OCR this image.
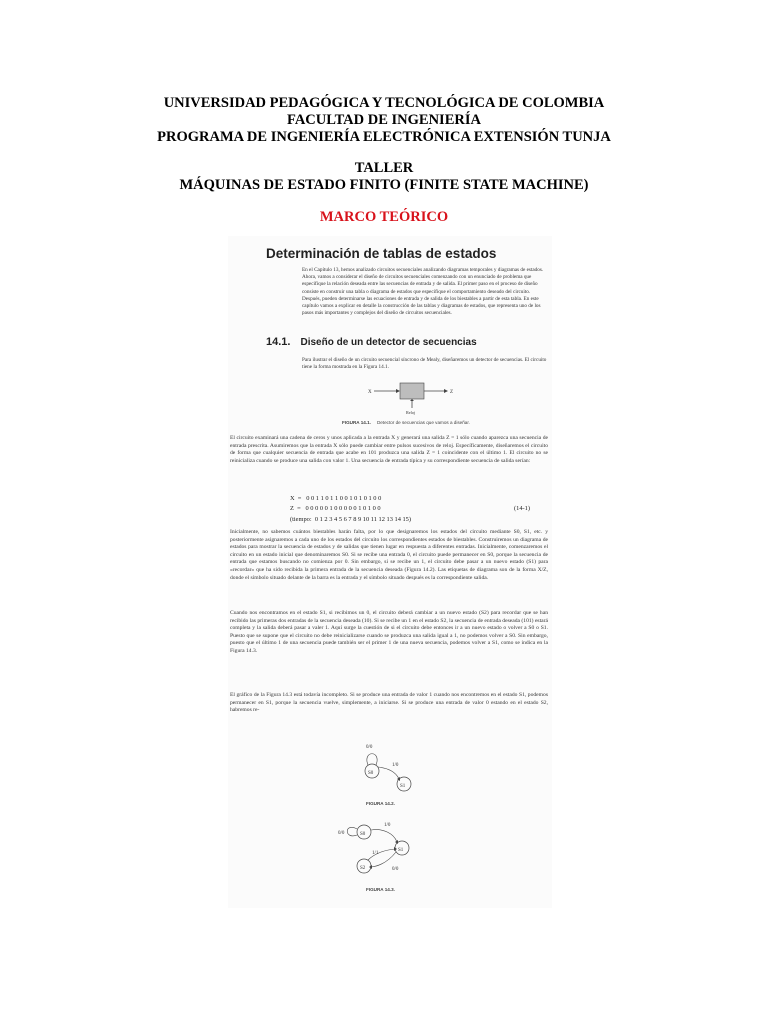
UNIVERSIDAD PEDAGÓGICA Y TECNOLÓGICA DE COLOMBIA
FACULTAD DE INGENIERÍA
PROGRAMA DE INGENIERÍA ELECTRÓNICA EXTENSIÓN TUNJA
TALLER
MÁQUINAS DE ESTADO FINITO (FINITE STATE MACHINE)
MARCO TEÓRICO
Determinación de tablas de estados

En el Capítulo 13, hemos analizado circuitos secuenciales analizando diagramas temporales y diagramas de estados. Ahora, vamos a considerar el diseño de circuitos secuenciales comenzando con un enunciado de problema que especifique la relación deseada entre las secuencias de entrada y de salida. El primer paso en el proceso de diseño consiste en construir una tabla o diagrama de estados que especifique el comportamiento deseado del circuito. Después, pueden determinarse las ecuaciones de entrada y de salida de los biestables a partir de esta tabla. En este capítulo vamos a explicar en detalle la construcción de las tablas y diagramas de estados, que representa uno de los pasos más importantes y complejos del diseño de circuitos secuenciales.

14.1. Diseño de un detector de secuencias

Para ilustrar el diseño de un circuito secuencial síncrono de Mealy, diseñaremos un detector de secuencias. El circuito tiene la forma mostrada en la Figura 14.1.

X	Z
Reloj
FIGURA 14.1. Detector de secuencias que vamos a diseñar.

El circuito examinará una cadena de ceros y unos aplicada a la entrada X y generará una salida Z = 1 sólo cuando aparezca una secuencia de entrada prescrita. Asumiremos que la entrada X sólo puede cambiar entre pulsos sucesivos de reloj. Específicamente, diseñaremos el circuito de forma que cualquier secuencia de entrada que acabe en 101 produzca una salida Z = 1 coincidente con el último 1. El circuito no se reinicializa cuando se produce una salida con valor 1. Una secuencia de entrada típica y su correspondiente secuencia de salida serían:

X  =   0 0 1 1 0 1 1 0 0 1 0 1 0 1 0 0
Z  =   0 0 0 0 0 1 0 0 0 0 0 1 0 1 0 0	(14-1)
(tiempo:  0 1 2 3 4 5 6 7 8 9 10 11 12 13 14 15)

Inicialmente, no sabemos cuántos biestables harán falta, por lo que designaremos los estados del circuito mediante S0, S1, etc. y posteriormente asignaremos a cada uno de los estados del circuito los correspondientes estados de biestables. Construiremos un diagrama de estados para mostrar la secuencia de estados y de salidas que tienen lugar en respuesta a diferentes entradas. Inicialmente, comenzaremos el circuito en un estado inicial que denominaremos S0. Si se recibe una entrada 0, el circuito puede permanecer en S0, porque la secuencia de entrada que estamos buscando no comienza por 0. Sin embargo, si se recibe un 1, el circuito debe pasar a un nuevo estado (S1) para «recordar» que ha sido recibida la primera entrada de la secuencia deseada (Figura 14.2). Las etiquetas de diagrama son de la forma X/Z, donde el símbolo situado delante de la barra es la entrada y el símbolo situado después es la correspondiente salida.

Cuando nos encontramos en el estado S1, si recibimos un 0, el circuito deberá cambiar a un nuevo estado (S2) para recordar que se han recibido las primeras dos entradas de la secuencia deseada (10). Si se recibe un 1 en el estado S2, la secuencia de entrada deseada (101) estará completa y la salida deberá pasar a valer 1. Aquí surge la cuestión de si el circuito debe entonces ir a un nuevo estado o volver a S0 o S1. Puesto que se supone que el circuito no debe reinicializarse cuando se produzca una salida igual a 1, no podemos volver a S0. Sin embargo, puesto que el último 1 de una secuencia puede también ser el primer 1 de una nueva secuencia, podemos volver a S1, como se indica en la Figura 14.3.

El gráfico de la Figura 14.3 está todavía incompleto. Si se produce una entrada de valor 1 cuando nos encontremos en el estado S1, podemos permanecer en S1, porque la secuencia vuelve, simplemente, a iniciarse. Si se produce una entrada de valor 0 estando en el estado S2, habremos re-

S0
S1
0/0
1/0
FIGURA 14.2.
S0
S1
S2
0/0
1/0
0/0
1/1
FIGURA 14.3.
